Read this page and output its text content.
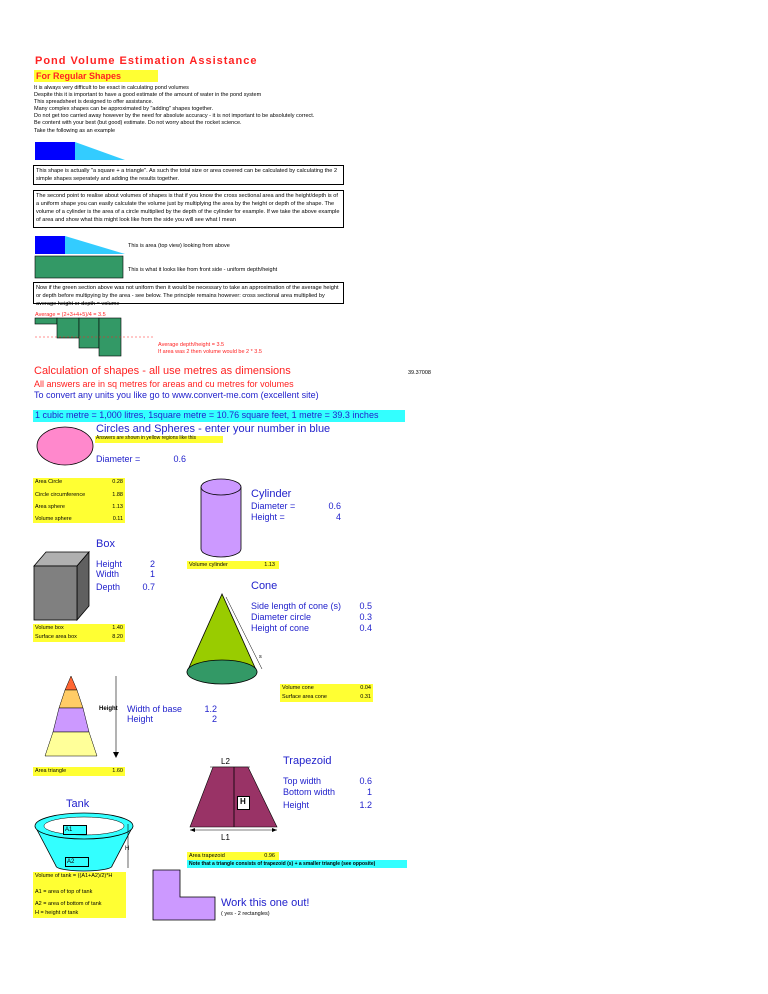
Pond Volume Estimation Assistance
For Regular Shapes
It is always very difficult to be exact in calculating pond volumes
Despite this it is important to have a good estimate of the amount of water in the pond system
This spreadsheet is designed to offer assistance.
Many complex shapes can be approximated by "adding" shapes together.
Do not get too carried away however by the need for absolute accuracy - it is not important to be absolutely correct.
Be content with your best (but good) estimate. Do not worry about the rocket science.
Take the following as an example
This shape is actually "a square + a triangle". As such the total size or area covered can be calculated by calculating the 2 simple shapes seperately and adding the results together.
The second point to realise about volumes of shapes is that if you know the cross sectional area and the height/depth is of a uniform shape you can easily calculate the volume just by multiplying the area by the height or depth of the shape. The volume of a cylinder is the area of a circle multiplied by the depth of the cylinder for example. If we take the above example of area and show what this might look like from the side you will see what I mean
This is area (top view) looking from above
This is what it looks like from front side - uniform depth/height
Now if the green section above was not uniform then it would be necessary to take an approximation of the average height or depth before multipying by the area - see below. The principle remains however: cross sectional area multiplied by average height or depth = volume
Average = (2+3+4+5)/4 = 3.5
Average depth/height = 3.5
If area was 2 then volume would be 2 * 3.5
Calculation of shapes - all use metres as dimensions	39.37008
All answers are in sq metres for areas and cu metres for volumes
To convert any units you like go to www.convert-me.com (excellent site)
1 cubic metre = 1,000 litres, 1square metre = 10.76 square feet, 1 metre = 39.3 inches
Circles and Spheres - enter your number in blue
Answers are shown in yellow regions like this
Diameter =	0.6
Area Circle	0.28
Circle circumference	1.88
Area sphere	1.13
Volume sphere	0.11
Cylinder
Diameter =	0.6
Height =	4
Volume cylinder	1.13
Box
Height	2
Width	1
Depth	0.7
Volume box	1.40
Surface area box	8.20
Cone
s
Side length of cone (s)	0.5
Diameter circle	0.3
Height of cone	0.4
Volume cone	0.04
Surface area cone	0.31
Height Width of base	1.2
Height	2
Area triangle	1.60
L2
H
L1
Trapezoid
Top width	0.6
Bottom width	1
Height	1.2
Area trapezoid	0.96
Note that a triangle consists of trapezoid (s) + a smaller triangle (see opposite)
Tank
A1
A2
H
Volume of tank = ((A1+A2)/2)*H
A1 = area of top of tank
A2 = area of bottom of tank
H = height of tank
Work this one out!
( yes - 2 rectangles)
